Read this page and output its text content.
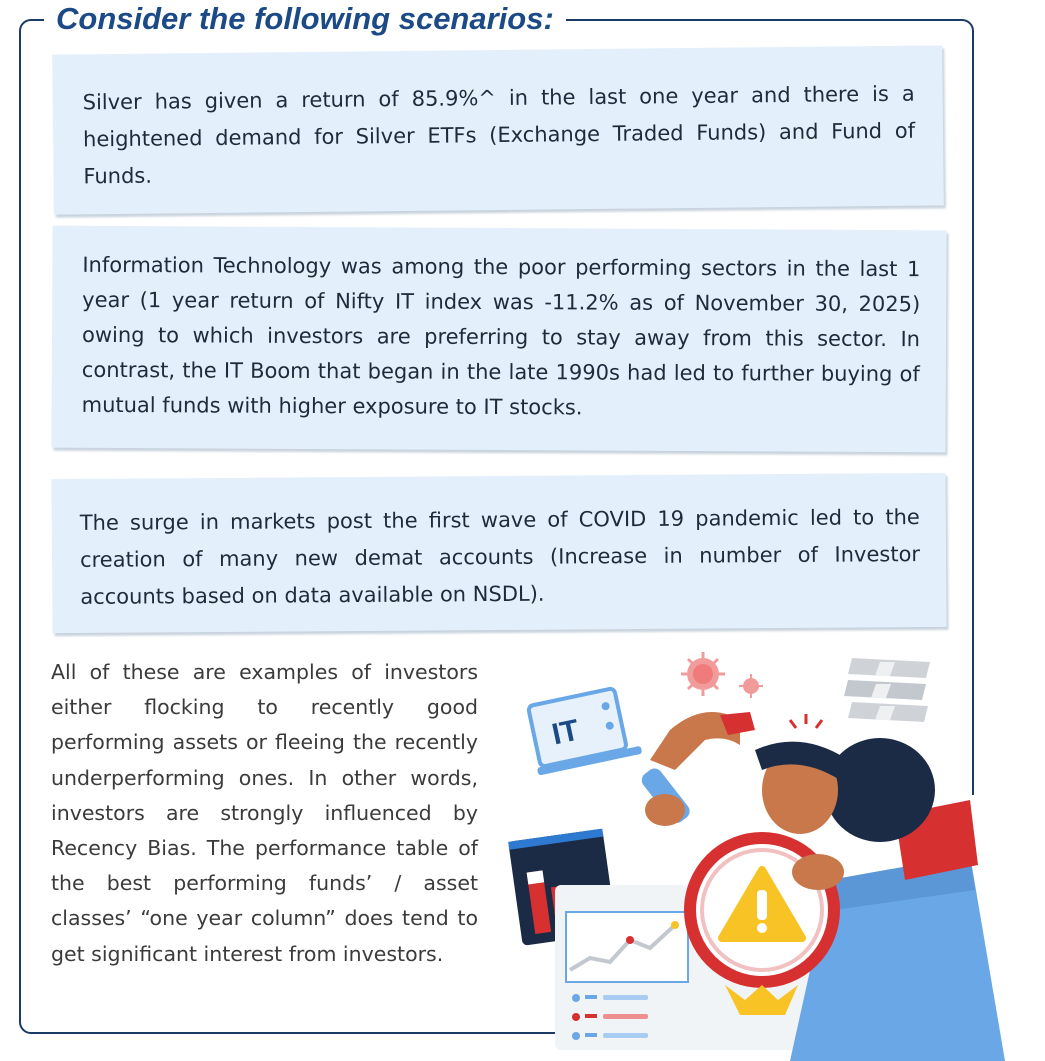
Consider the following scenarios:

Silver has given a return of 85.9%^ in the last one year and there is a heightened demand for Silver ETFs (Exchange Traded Funds) and Fund of Funds.

Information Technology was among the poor performing sectors in the last 1 year (1 year return of Nifty IT index was -11.2% as of November 30, 2025) owing to which investors are preferring to stay away from this sector. In contrast, the IT Boom that began in the late 1990s had led to further buying of mutual funds with higher exposure to IT stocks.

The surge in markets post the first wave of COVID 19 pandemic led to the creation of many new demat accounts (Increase in number of Investor accounts based on data available on NSDL).

All of these are examples of investors either flocking to recently good performing assets or fleeing the recently underperforming ones. In other words, investors are strongly influenced by Recency Bias. The performance table of the best performing funds’ / asset classes’ “one year column” does tend to get significant interest from investors.

IT
